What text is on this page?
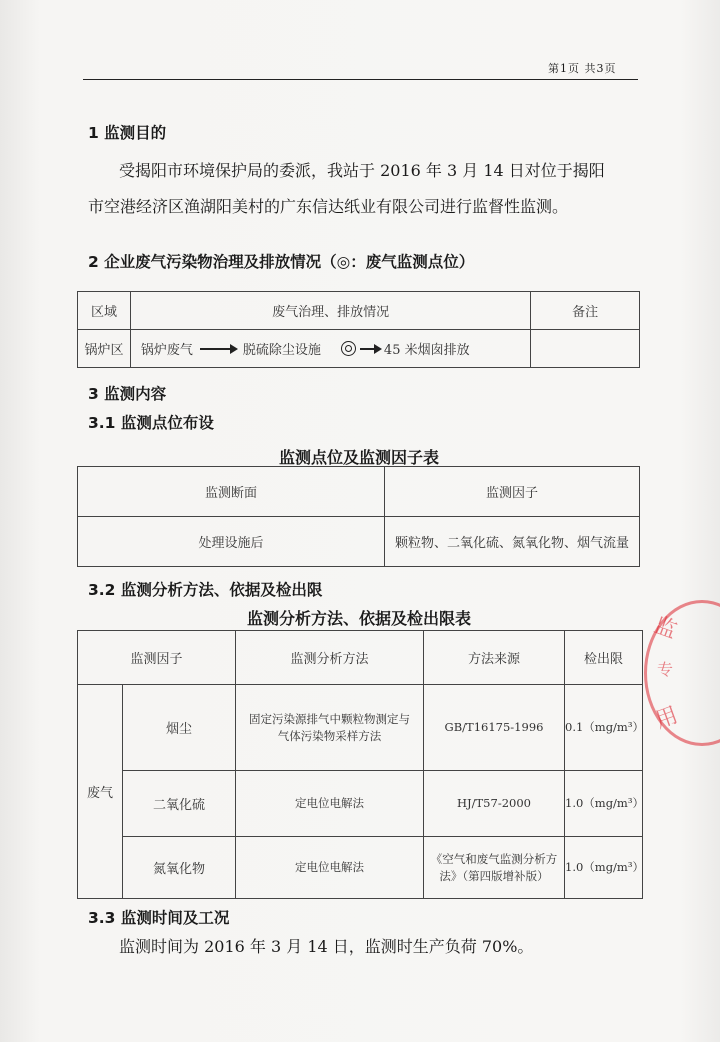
第1页 共3页
1 监测目的
受揭阳市环境保护局的委派，我站于 2016 年 3 月 14 日对位于揭阳
市空港经济区渔湖阳美村的广东信达纸业有限公司进行监督性监测。
2 企业废气污染物治理及排放情况（◎：废气监测点位）
区域	废气治理、排放情况	备注
锅炉区	锅炉废气 脱硫除尘设施 45 米烟囱排放	

3 监测内容
3.1 监测点位布设
监测点位及监测因子表
监测断面	监测因子
处理设施后	颗粒物、二氧化硫、氮氧化物、烟气流量
3.2 监测分析方法、依据及检出限
监测分析方法、依据及检出限表
监测因子		监测分析方法	方法来源	检出限
废气	烟尘	固定污染源排气中颗粒物测定与气体污染物采样方法	GB/T16175-1996	0.1（mg/m³）
	二氧化硫	定电位电解法	HJ/T57-2000	1.0（mg/m³）
	氮氧化物	定电位电解法	《空气和废气监测分析方法》（第四版增补版）	1.0（mg/m³）
3.3 监测时间及工况
监测时间为 2016 年 3 月 14 日，监测时生产负荷 70%。
监
专
用
